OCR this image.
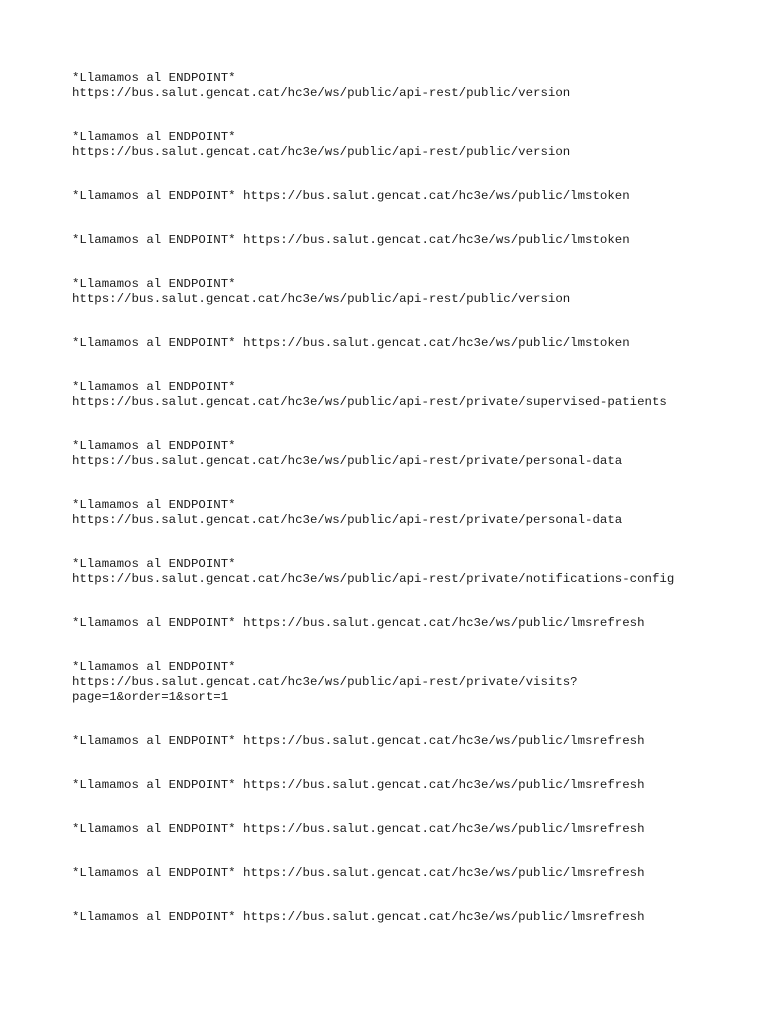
*Llamamos al ENDPOINT*
https://bus.salut.gencat.cat/hc3e/ws/public/api-rest/public/version

*Llamamos al ENDPOINT*
https://bus.salut.gencat.cat/hc3e/ws/public/api-rest/public/version

*Llamamos al ENDPOINT* https://bus.salut.gencat.cat/hc3e/ws/public/lmstoken

*Llamamos al ENDPOINT* https://bus.salut.gencat.cat/hc3e/ws/public/lmstoken

*Llamamos al ENDPOINT*
https://bus.salut.gencat.cat/hc3e/ws/public/api-rest/public/version

*Llamamos al ENDPOINT* https://bus.salut.gencat.cat/hc3e/ws/public/lmstoken

*Llamamos al ENDPOINT*
https://bus.salut.gencat.cat/hc3e/ws/public/api-rest/private/supervised-patients

*Llamamos al ENDPOINT*
https://bus.salut.gencat.cat/hc3e/ws/public/api-rest/private/personal-data

*Llamamos al ENDPOINT*
https://bus.salut.gencat.cat/hc3e/ws/public/api-rest/private/personal-data

*Llamamos al ENDPOINT*
https://bus.salut.gencat.cat/hc3e/ws/public/api-rest/private/notifications-config

*Llamamos al ENDPOINT* https://bus.salut.gencat.cat/hc3e/ws/public/lmsrefresh

*Llamamos al ENDPOINT*
https://bus.salut.gencat.cat/hc3e/ws/public/api-rest/private/visits?
page=1&order=1&sort=1

*Llamamos al ENDPOINT* https://bus.salut.gencat.cat/hc3e/ws/public/lmsrefresh

*Llamamos al ENDPOINT* https://bus.salut.gencat.cat/hc3e/ws/public/lmsrefresh

*Llamamos al ENDPOINT* https://bus.salut.gencat.cat/hc3e/ws/public/lmsrefresh

*Llamamos al ENDPOINT* https://bus.salut.gencat.cat/hc3e/ws/public/lmsrefresh

*Llamamos al ENDPOINT* https://bus.salut.gencat.cat/hc3e/ws/public/lmsrefresh
